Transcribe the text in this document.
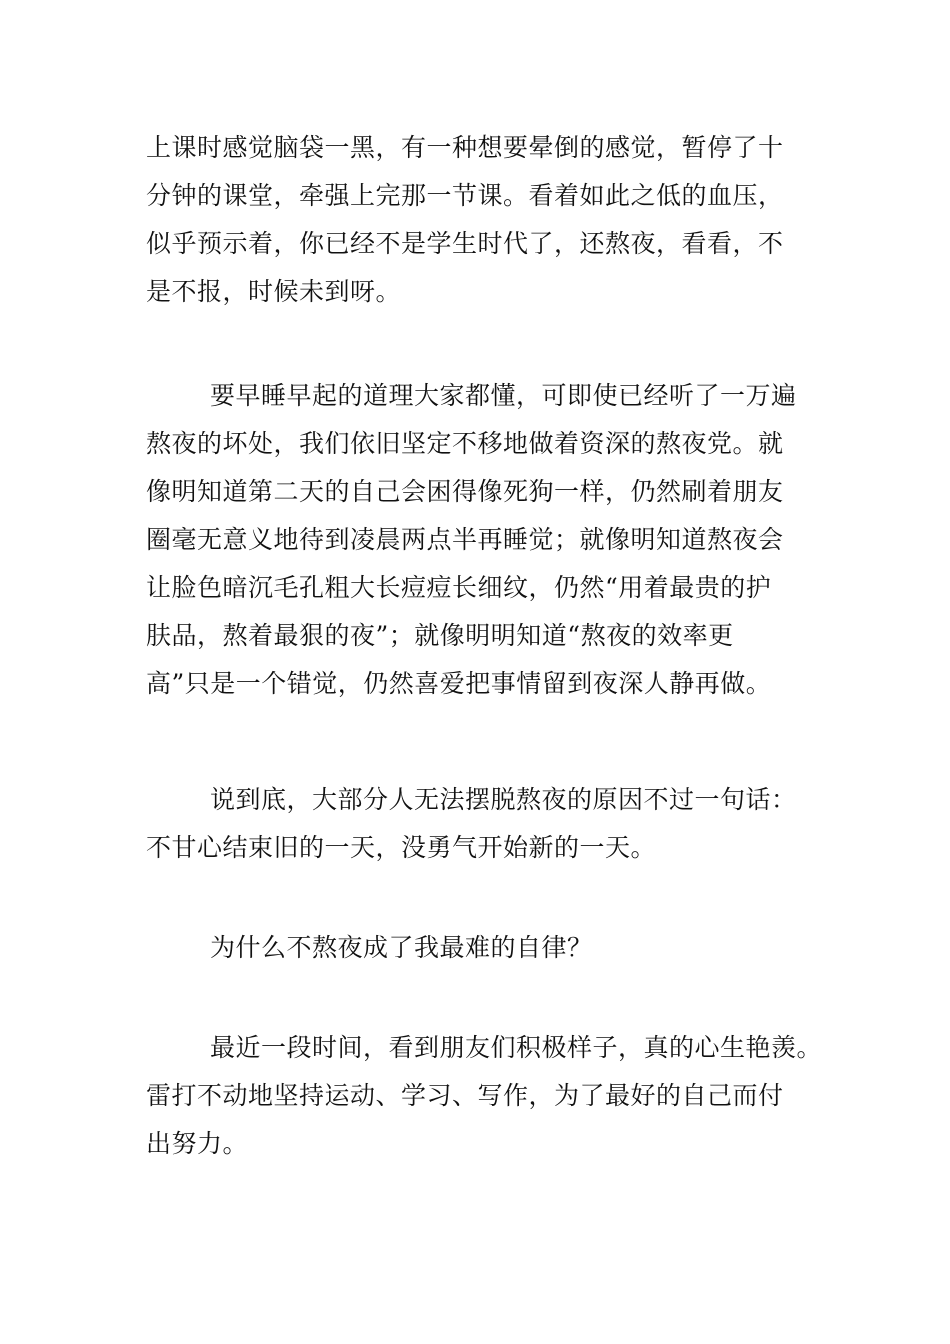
上课时感觉脑袋一黑，有一种想要晕倒的感觉，暂停了十
分钟的课堂，牵强上完那一节课。看着如此之低的血压，
似乎预示着，你已经不是学生时代了，还熬夜，看看，不
是不报，时候未到呀。

要早睡早起的道理大家都懂，可即使已经听了一万遍
熬夜的坏处，我们依旧坚定不移地做着资深的熬夜党。就
像明知道第二天的自己会困得像死狗一样，仍然刷着朋友
圈毫无意义地待到凌晨两点半再睡觉；就像明知道熬夜会
让脸色暗沉毛孔粗大长痘痘长细纹，仍然“用着最贵的护
肤品，熬着最狠的夜”；就像明明知道“熬夜的效率更
高”只是一个错觉，仍然喜爱把事情留到夜深人静再做。

说到底，大部分人无法摆脱熬夜的原因不过一句话：
不甘心结束旧的一天，没勇气开始新的一天。

为什么不熬夜成了我最难的自律？

最近一段时间，看到朋友们积极样子，真的心生艳羡。
雷打不动地坚持运动、学习、写作，为了最好的自己而付
出努力。
